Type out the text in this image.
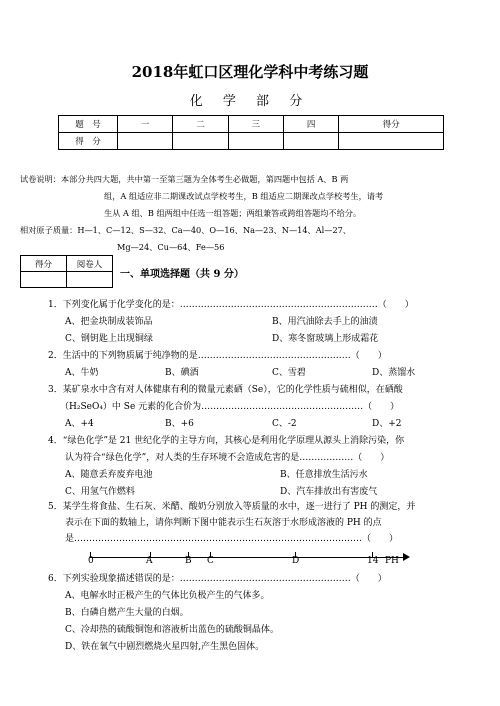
2018年虹口区理化学科中考练习题
化 学 部 分
题　号	一	二	三	四	得分
得　分					
试卷说明：本部分共四大题，共中第一至第三题为全体考生必做题，第四题中包括 A、B 两
组，A 组适应非二期课改试点学校考生，B 组适应二期课改点学校考生，请考
生从 A 组、B 组两组中任选一组答题；两组兼答或跨组答题均不给分。
相对原子质量：H—1、C—12、S—32、Ca—40、O—16、Na—23、N—14、Al—27、
Mg—24、Cu—64、Fe—56
得分	阅卷人

一、单项选择题（共 9 分）
1．下列变化属于化学变化的是：…………………………………………………………（　　）
A、把金块制成装饰品	B、用汽油除去手上的油渍
C、钢钥匙上出现铜绿	D、寒冬窗玻璃上形成霜花
2．生活中的下列物质属于纯净物的是……………………………………………（　　）
A、牛奶	B、碘酒	C、雪碧	D、蒸馏水
3．某矿泉水中含有对人体健康有利的微量元素硒（Se），它的化学性质与硫相似，在硒酸
（H₂SeO₄）中 Se 元素的化合价为………………………………………………（　　）
A、+4	B、+6	C、-2	D、+2
4．“绿色化学”是 21 世纪化学的主导方向，其核心是利用化学原理从源头上消除污染，你
认为符合“绿色化学”，对人类的生存环境不会造成危害的是………………（　　）
A、随意丢弃废弃电池	B、任意排放生活污水
C、用氢气作燃料	D、汽车排放出有害废气
5．某学生将食盐、生石灰、米醋、酸奶分别放入等质量的水中，逐一进行了 PH 的测定，并
表示在下面的数轴上，请你判断下图中能表示生石灰溶于水形成溶液的 PH 的点
是……………………………………………………………………………………（　　）
0	A	B C	D	14 PH
6．下列实验现象描述错误的是：…………………………………………………（　　）
A、电解水时正极产生的气体比负极产生的气体多。
B、白磷自燃产生大量的白烟。
C、冷却热的硫酸铜饱和溶液析出蓝色的硫酸铜晶体。
D、铁在氧气中剧烈燃烧火星四射,产生黑色固体。
